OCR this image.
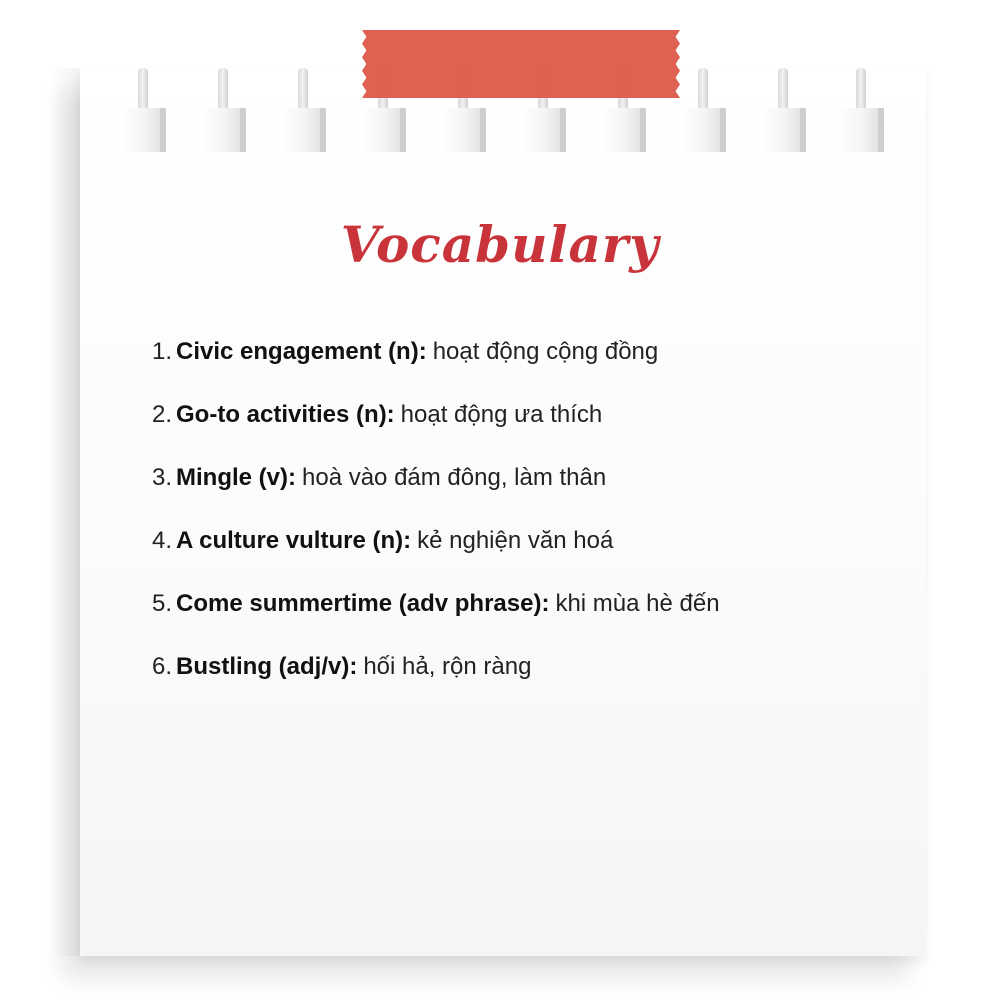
Vocabulary
1. Civic engagement (n): hoạt động cộng đồng
2. Go-to activities (n): hoạt động ưa thích
3. Mingle (v): hoà vào đám đông, làm thân
4. A culture vulture (n): kẻ nghiện văn hoá
5. Come summertime (adv phrase): khi mùa hè đến
6. Bustling (adj/v): hối hả, rộn ràng
